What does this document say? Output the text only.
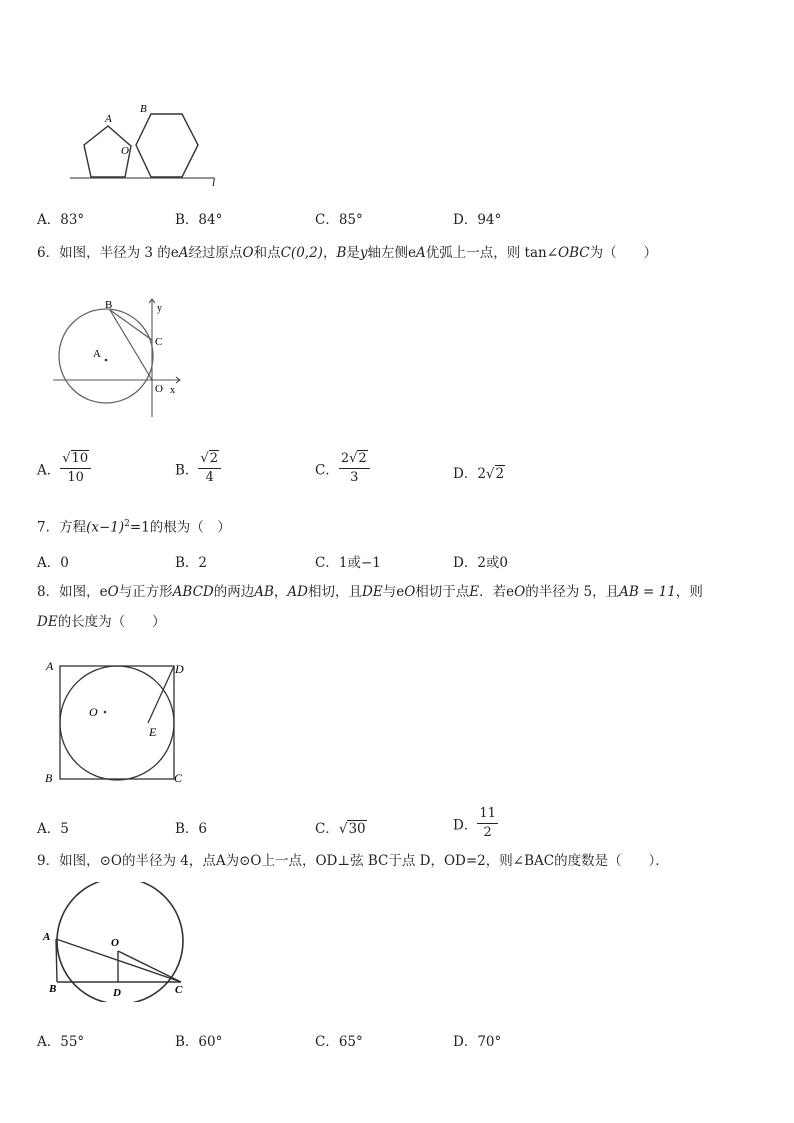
A
B
O
l
A．83°	B．84°	C．85°	D．94°
6．如图，半径为 3 的eA经过原点O和点C(0,2)，B是y轴左侧eA优弧上一点，则 tan∠OBC为（　　）
B	y
C
A
O x
A． $\frac{√10}{10}$	B． $\frac{√2}{4}$	C． $\frac{2√2}{3}$	D．2√2
7．方程$(x-1)^2=1$的根为（　）
A．0	B．2	C．1或−1	D．2或0
8．如图，eO与正方形ABCD的两边AB，AD相切，且DE与eO相切于点E．若eO的半径为 5，且AB = 11，则
DE的长度为（　　）
A	D
O
E
B	C
A．5	B．6	C．√30	D． $\frac{11}{2}$
9．如图，⊙O的半径为 4，点A为⊙O上一点，OD⊥弦 BC于点 D，OD=2，则∠BAC的度数是（　　）．
A	O
B	D	C
A．55°	B．60°	C．65°	D．70°
